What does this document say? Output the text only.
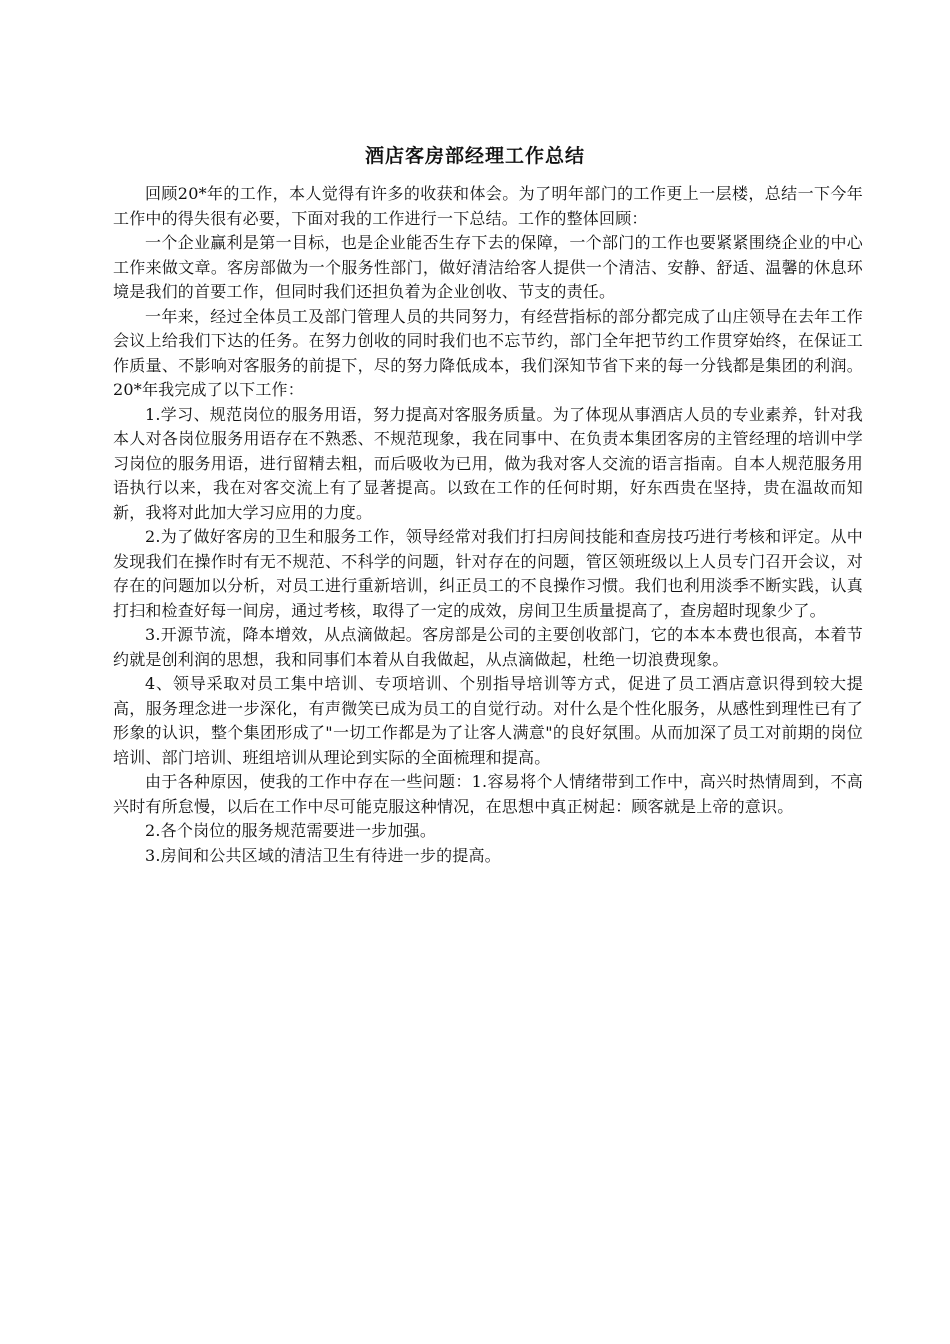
酒店客房部经理工作总结

回顾20*年的工作，本人觉得有许多的收获和体会。为了明年部门的工作更上一层楼，总结一下今年工作中的得失很有必要，下面对我的工作进行一下总结。工作的整体回顾：

一个企业赢利是第一目标，也是企业能否生存下去的保障，一个部门的工作也要紧紧围绕企业的中心工作来做文章。客房部做为一个服务性部门，做好清洁给客人提供一个清洁、安静、舒适、温馨的休息环境是我们的首要工作，但同时我们还担负着为企业创收、节支的责任。

一年来，经过全体员工及部门管理人员的共同努力，有经营指标的部分都完成了山庄领导在去年工作会议上给我们下达的任务。在努力创收的同时我们也不忘节约，部门全年把节约工作贯穿始终，在保证工作质量、不影响对客服务的前提下，尽的努力降低成本，我们深知节省下来的每一分钱都是集团的利润。20*年我完成了以下工作：

1.学习、规范岗位的服务用语，努力提高对客服务质量。为了体现从事酒店人员的专业素养，针对我本人对各岗位服务用语存在不熟悉、不规范现象，我在同事中、在负责本集团客房的主管经理的培训中学习岗位的服务用语，进行留精去粗，而后吸收为已用，做为我对客人交流的语言指南。自本人规范服务用语执行以来，我在对客交流上有了显著提高。以致在工作的任何时期，好东西贵在坚持，贵在温故而知新，我将对此加大学习应用的力度。

2.为了做好客房的卫生和服务工作，领导经常对我们打扫房间技能和查房技巧进行考核和评定。从中发现我们在操作时有无不规范、不科学的问题，针对存在的问题，管区领班级以上人员专门召开会议，对存在的问题加以分析，对员工进行重新培训，纠正员工的不良操作习惯。我们也利用淡季不断实践，认真打扫和检查好每一间房，通过考核，取得了一定的成效，房间卫生质量提高了，查房超时现象少了。

3.开源节流，降本增效，从点滴做起。客房部是公司的主要创收部门，它的本本本费也很高，本着节约就是创利润的思想，我和同事们本着从自我做起，从点滴做起，杜绝一切浪费现象。

4、领导采取对员工集中培训、专项培训、个别指导培训等方式，促进了员工酒店意识得到较大提高，服务理念进一步深化，有声微笑已成为员工的自觉行动。对什么是个性化服务，从感性到理性已有了形象的认识，整个集团形成了"一切工作都是为了让客人满意"的良好氛围。从而加深了员工对前期的岗位培训、部门培训、班组培训从理论到实际的全面梳理和提高。

由于各种原因，使我的工作中存在一些问题：1.容易将个人情绪带到工作中，高兴时热情周到，不高兴时有所怠慢，以后在工作中尽可能克服这种情况，在思想中真正树起：顾客就是上帝的意识。

2.各个岗位的服务规范需要进一步加强。

3.房间和公共区域的清洁卫生有待进一步的提高。
